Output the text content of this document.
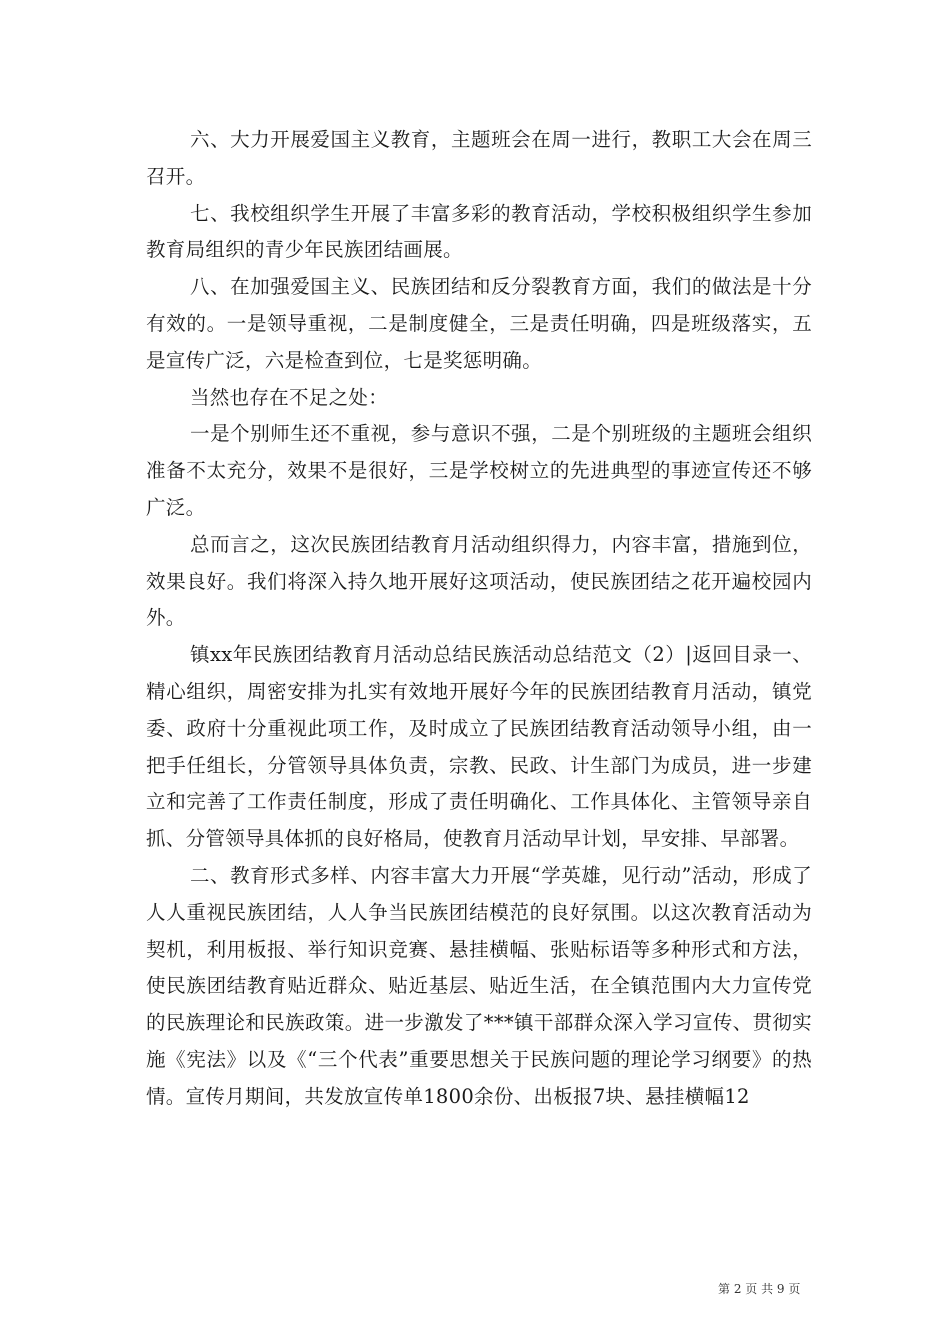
六、大力开展爱国主义教育，主题班会在周一进行，教职工大会在周三召开。

七、我校组织学生开展了丰富多彩的教育活动，学校积极组织学生参加教育局组织的青少年民族团结画展。

八、在加强爱国主义、民族团结和反分裂教育方面，我们的做法是十分有效的。一是领导重视，二是制度健全，三是责任明确，四是班级落实，五是宣传广泛，六是检查到位，七是奖惩明确。

当然也存在不足之处：

一是个别师生还不重视，参与意识不强，二是个别班级的主题班会组织准备不太充分，效果不是很好，三是学校树立的先进典型的事迹宣传还不够广泛。

总而言之，这次民族团结教育月活动组织得力，内容丰富，措施到位，效果良好。我们将深入持久地开展好这项活动，使民族团结之花开遍校园内外。

镇xx年民族团结教育月活动总结民族活动总结范文（2）|返回目录一、精心组织，周密安排为扎实有效地开展好今年的民族团结教育月活动，镇党委、政府十分重视此项工作，及时成立了民族团结教育活动领导小组，由一把手任组长，分管领导具体负责，宗教、民政、计生部门为成员，进一步建立和完善了工作责任制度，形成了责任明确化、工作具体化、主管领导亲自抓、分管领导具体抓的良好格局，使教育月活动早计划，早安排、早部署。

二、教育形式多样、内容丰富大力开展“学英雄，见行动”活动，形成了人人重视民族团结，人人争当民族团结模范的良好氛围。以这次教育活动为契机，利用板报、举行知识竞赛、悬挂横幅、张贴标语等多种形式和方法，使民族团结教育贴近群众、贴近基层、贴近生活，在全镇范围内大力宣传党的民族理论和民族政策。进一步激发了***镇干部群众深入学习宣传、贯彻实施《宪法》以及《“三个代表”重要思想关于民族问题的理论学习纲要》的热情。宣传月期间，共发放宣传单1800余份、出板报7块、悬挂横幅12

第 2 页 共 9 页
